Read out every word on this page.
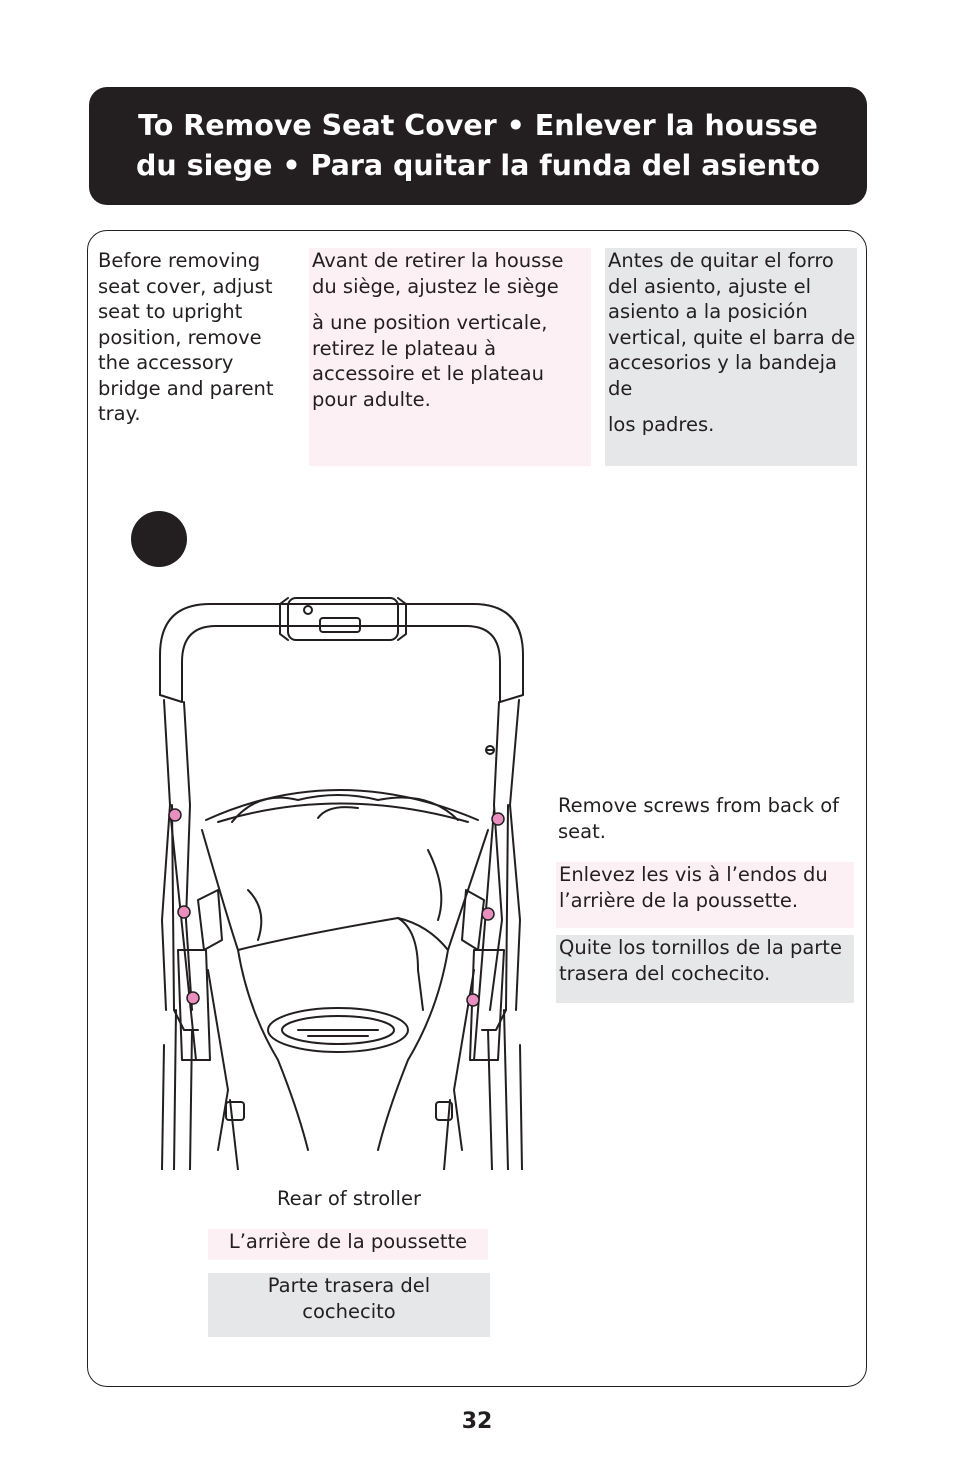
To Remove Seat Cover • Enlever la housse
du siege • Para quitar la funda del asiento

Before removing seat cover, adjust seat to upright position, remove the accessory bridge and parent tray.

Avant de retirer la housse du siège, ajustez le siège

à une position verticale, retirez le plateau à accessoire et le plateau pour adulte.

Antes de quitar el forro del asiento, ajuste el asiento a la posición vertical, quite el barra de accesorios y la bandeja de

los padres.

Remove screws from back of seat.
Enlevez les vis à l’endos du l’arrière de la poussette.
Quite los tornillos de la parte trasera del cochecito.
Rear of stroller
L’arrière de la poussette
Parte trasera del cochecito
32
